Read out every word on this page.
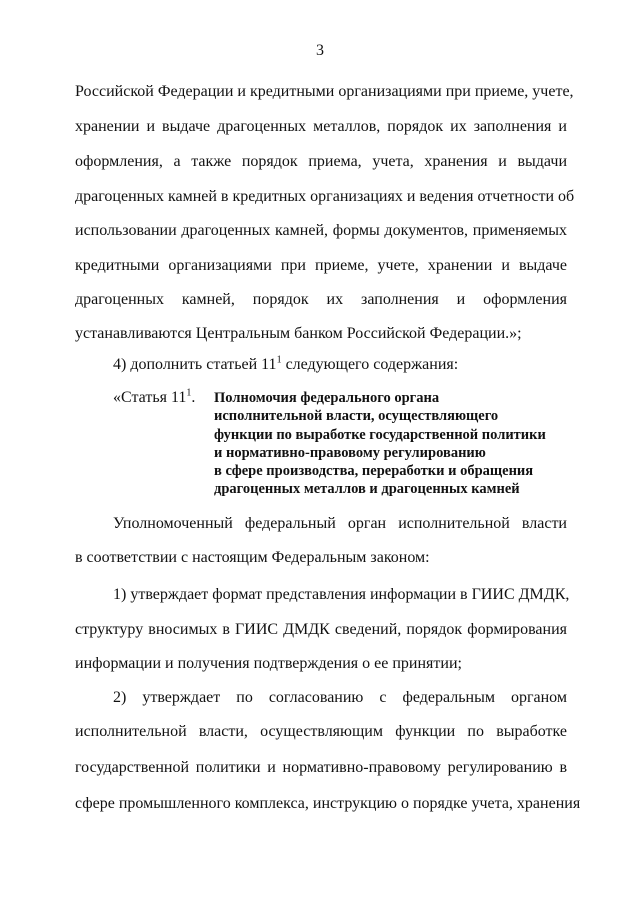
3
Российской Федерации и кредитными организациями при приеме, учете,
хранении и выдаче драгоценных металлов, порядок их заполнения и
оформления, а также порядок приема, учета, хранения и выдачи
драгоценных камней в кредитных организациях и ведения отчетности об
использовании драгоценных камней, формы документов, применяемых
кредитными организациями при приеме, учете, хранении и выдаче
драгоценных камней, порядок их заполнения и оформления
устанавливаются Центральным банком Российской Федерации.»;
4) дополнить статьей $11^1$ следующего содержания:
«Статья $11^1$. Полномочия федерального органа
исполнительной власти, осуществляющего
функции по выработке государственной политики
и нормативно-правовому регулированию
в сфере производства, переработки и обращения
драгоценных металлов и драгоценных камней
Уполномоченный федеральный орган исполнительной власти
в соответствии с настоящим Федеральным законом:
1) утверждает формат представления информации в ГИИС ДМДК,
структуру вносимых в ГИИС ДМДК сведений, порядок формирования
информации и получения подтверждения о ее принятии;
2) утверждает по согласованию с федеральным органом
исполнительной власти, осуществляющим функции по выработке
государственной политики и нормативно-правовому регулированию в
сфере промышленного комплекса, инструкцию о порядке учета, хранения
